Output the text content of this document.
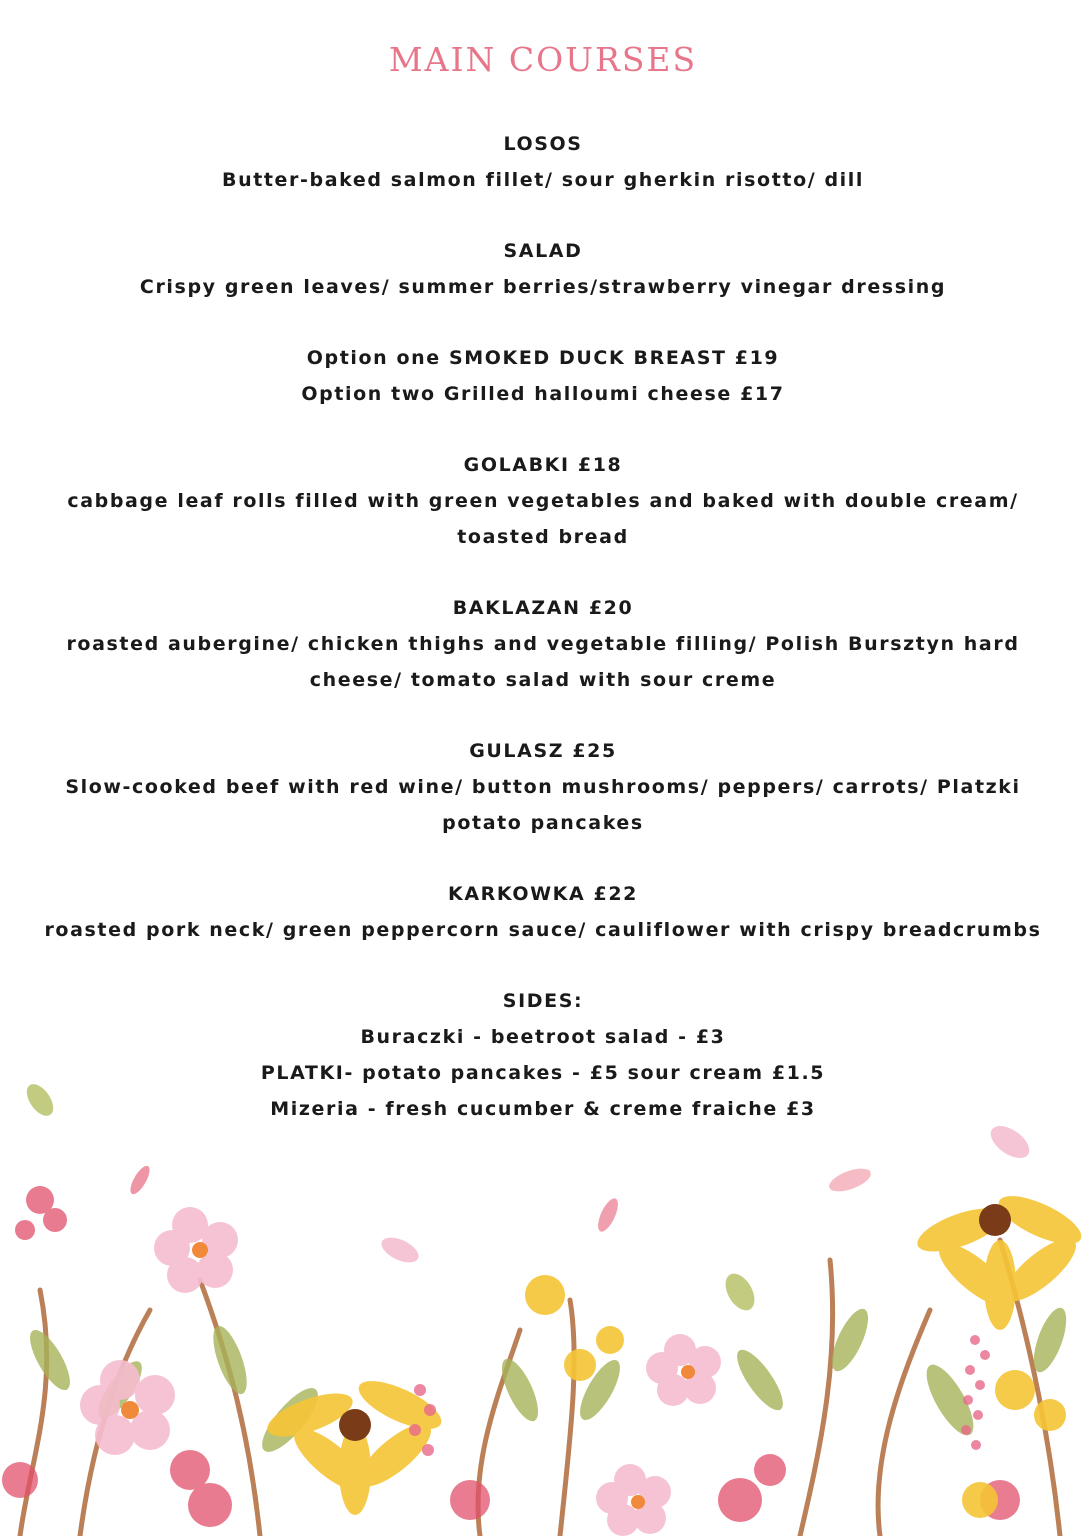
MAIN COURSES
LOSOS
Butter-baked salmon fillet/ sour gherkin risotto/ dill
SALAD
Crispy green leaves/ summer berries/strawberry vinegar dressing
Option one SMOKED DUCK BREAST £19
Option two Grilled halloumi cheese £17
GOLABKI £18
cabbage leaf rolls filled with green vegetables and baked with double cream/
toasted bread
BAKLAZAN £20
roasted aubergine/ chicken thighs and vegetable filling/ Polish Bursztyn hard
cheese/ tomato salad with sour creme
GULASZ £25
Slow-cooked beef with red wine/ button mushrooms/ peppers/ carrots/ Platzki
potato pancakes
KARKOWKA £22
roasted pork neck/ green peppercorn sauce/ cauliflower with crispy breadcrumbs
SIDES:
Buraczki - beetroot salad - £3
PLATKI- potato pancakes - £5 sour cream £1.5
Mizeria - fresh cucumber & creme fraiche £3
